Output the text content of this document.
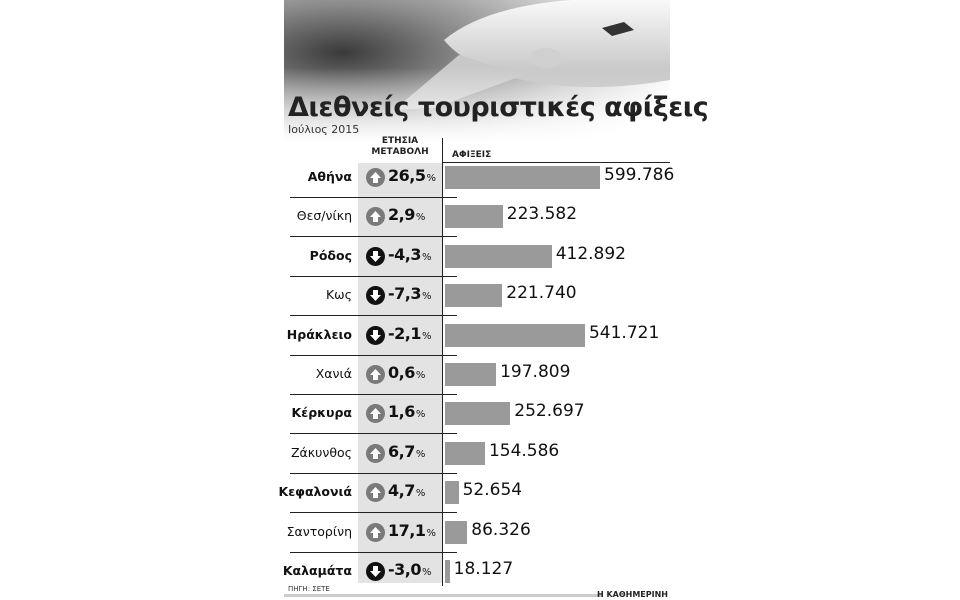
Διεθνείς τουριστικές αφίξεις
Ιούλιος 2015
ΕΤΗΣΙΑ ΜΕΤΑΒΟΛΗ	ΑΦΙΞΕΙΣ
Αθήνα 26,5%	599.786
Θεσ/νίκη 2,9%	223.582
Ρόδος -4,3%	412.892
Κως -7,3%	221.740
Ηράκλειο -2,1%	541.721
Χανιά 0,6%	197.809
Κέρκυρα 1,6%	252.697
Ζάκυνθος 6,7%	154.586
Κεφαλονιά 4,7% 52.654
Σαντορίνη 17,1% 86.326
Καλαμάτα -3,0% 18.127
ΠΗΓΗ: ΣΕΤΕ
Η ΚΑΘΗΜΕΡΙΝΗ
